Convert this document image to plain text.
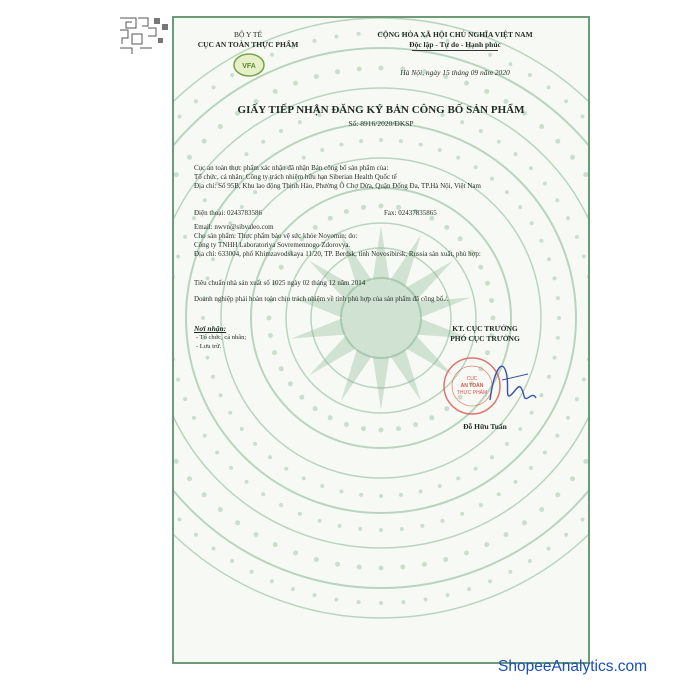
BỘ Y TẾ
CỤC AN TOÀN THỰC PHẨM
VFA
CỘNG HÒA XÃ HỘI CHỦ NGHĨA VIỆT NAM
Độc lập - Tự do - Hạnh phúc
Hà Nội, ngày 15 tháng 09 năm 2020
GIẤY TIẾP NHẬN ĐĂNG KÝ BẢN CÔNG BỐ SẢN PHẨM
Số: 8916/2020/ĐKSP
Cục an toàn thực phẩm xác nhận đã nhận Bản công bố sản phẩm của:
Tổ chức, cá nhân: Công ty trách nhiệm hữu hạn Siberian Health Quốc tế
Địa chỉ: Số 95B, Khu lao động Thịnh Hào, Phường Ô Chợ Dừa, Quận Đống Đa, TP.Hà Nội, Việt Nam
Điện thoại: 0243783586	Fax: 02437835865
Email: nwvn@sibvaleo.com
Cho sản phẩm: Thực phẩm bảo vệ sức khỏe Novomin; do:
Công ty TNHH Laboratoriya Sovremennogo Zdorovya.
Địa chỉ: 633004, phố Khimzavodskaya 11/20, TP. Berdsk, tỉnh Novosibirsk, Russia sản xuất, phù hợp:
Tiêu chuẩn nhà sản xuất số 1025 ngày 02 tháng 12 năm 2014
Doanh nghiệp phải hoàn toàn chịu trách nhiệm về tính phù hợp của sản phẩm đã công bố./.
Nơi nhận:
- Tổ chức, cá nhân;
- Lưu trữ.
KT. CỤC TRƯỞNG
PHÓ CỤC TRƯỞNG
CỤC
AN TOÀN
THỰC PHẨM
Đỗ Hữu Tuấn
ShopeeAnalytics.com
